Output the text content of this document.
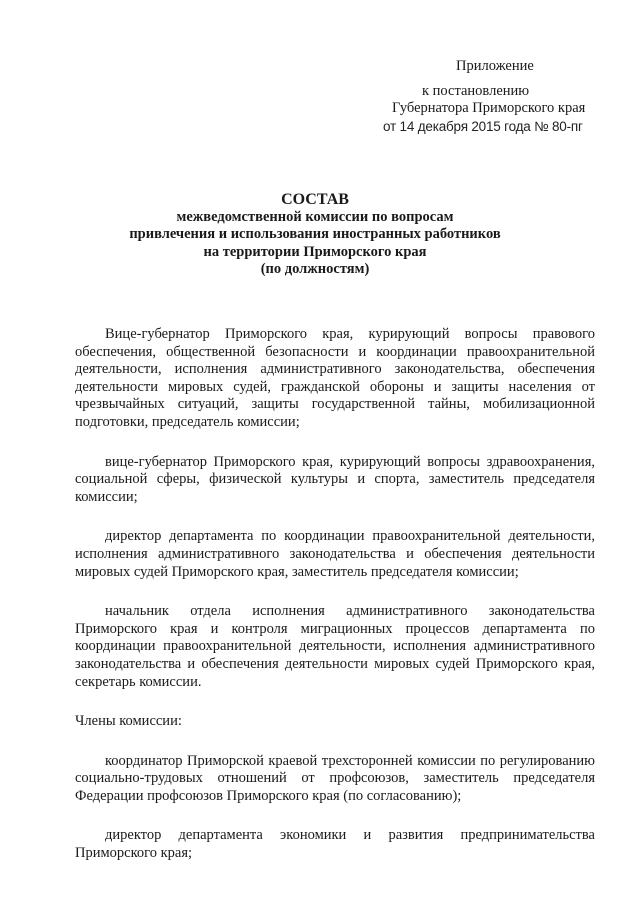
Приложение
к постановлению
Губернатора Приморского края
от 14 декабря 2015 года № 80-пг
СОСТАВ
межведомственной комиссии по вопросам
привлечения и использования иностранных работников
на территории Приморского края
(по должностям)

Вице-губернатор Приморского края, курирующий вопросы правового обеспечения, общественной безопасности и координации правоохранительной деятельности, исполнения административного законодательства, обеспечения деятельности мировых судей, гражданской обороны и защиты населения от чрезвычайных ситуаций, защиты государственной тайны, мобилизационной подготовки, председатель комиссии;

вице-губернатор Приморского края, курирующий вопросы здравоохранения, социальной сферы, физической культуры и спорта, заместитель председателя комиссии;

директор департамента по координации правоохранительной деятельности, исполнения административного законодательства и обеспечения деятельности мировых судей Приморского края, заместитель председателя комиссии;

начальник отдела исполнения административного законодательства Приморского края и контроля миграционных процессов департамента по координации правоохранительной деятельности, исполнения административного законодательства и обеспечения деятельности мировых судей Приморского края, секретарь комиссии.

Члены комиссии:

координатор Приморской краевой трехсторонней комиссии по регулированию социально-трудовых отношений от профсоюзов, заместитель председателя Федерации профсоюзов Приморского края (по согласованию);

директор департамента экономики и развития предпринимательства Приморского края;
